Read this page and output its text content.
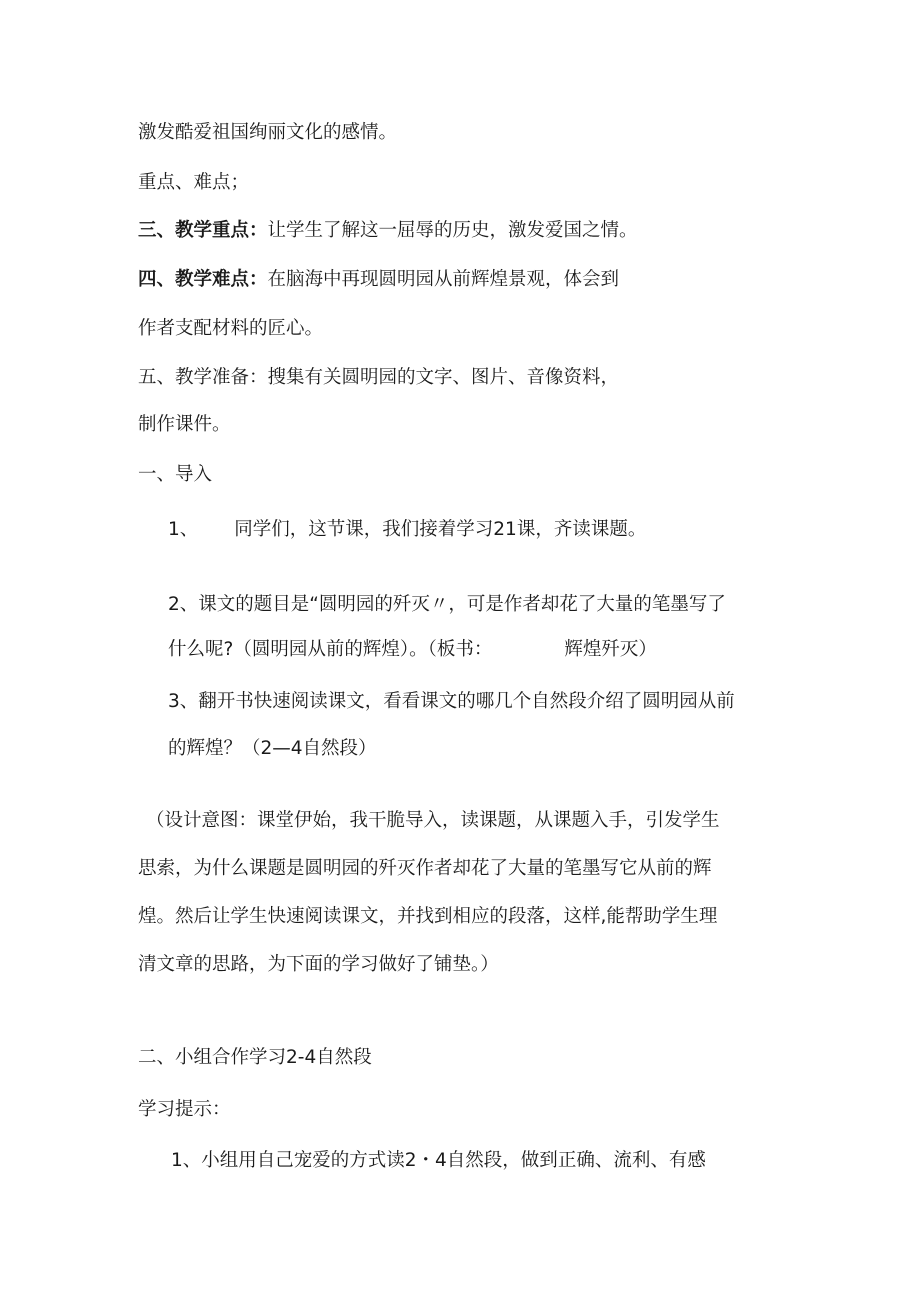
激发酷爱祖国绚丽文化的感情。

重点、难点；

三、教学重点：让学生了解这一屈辱的历史，激发爱国之情。

四、教学难点：在脑海中再现圆明园从前辉煌景观，体会到

作者支配材料的匠心。

五、教学准备：搜集有关圆明园的文字、图片、音像资料，

制作课件。

一、导入

1、 同学们，这节课，我们接着学习21课，齐读课题。

2、课文的题目是“圆明园的歼灭〃，可是作者却花了大量的笔墨写了

什么呢?（圆明园从前的辉煌）。（板书：	辉煌歼灭）

3、翻开书快速阅读课文，看看课文的哪几个自然段介绍了圆明园从前

的辉煌？（2—4自然段）

（设计意图：课堂伊始，我干脆导入，读课题，从课题入手，引发学生

思索，为什么课题是圆明园的歼灭作者却花了大量的笔墨写它从前的辉

煌。然后让学生快速阅读课文，并找到相应的段落，这样,能帮助学生理

清文章的思路，为下面的学习做好了铺垫。）

二、小组合作学习2-4自然段

学习提示：

1、小组用自己宠爱的方式读2・4自然段，做到正确、流利、有感
